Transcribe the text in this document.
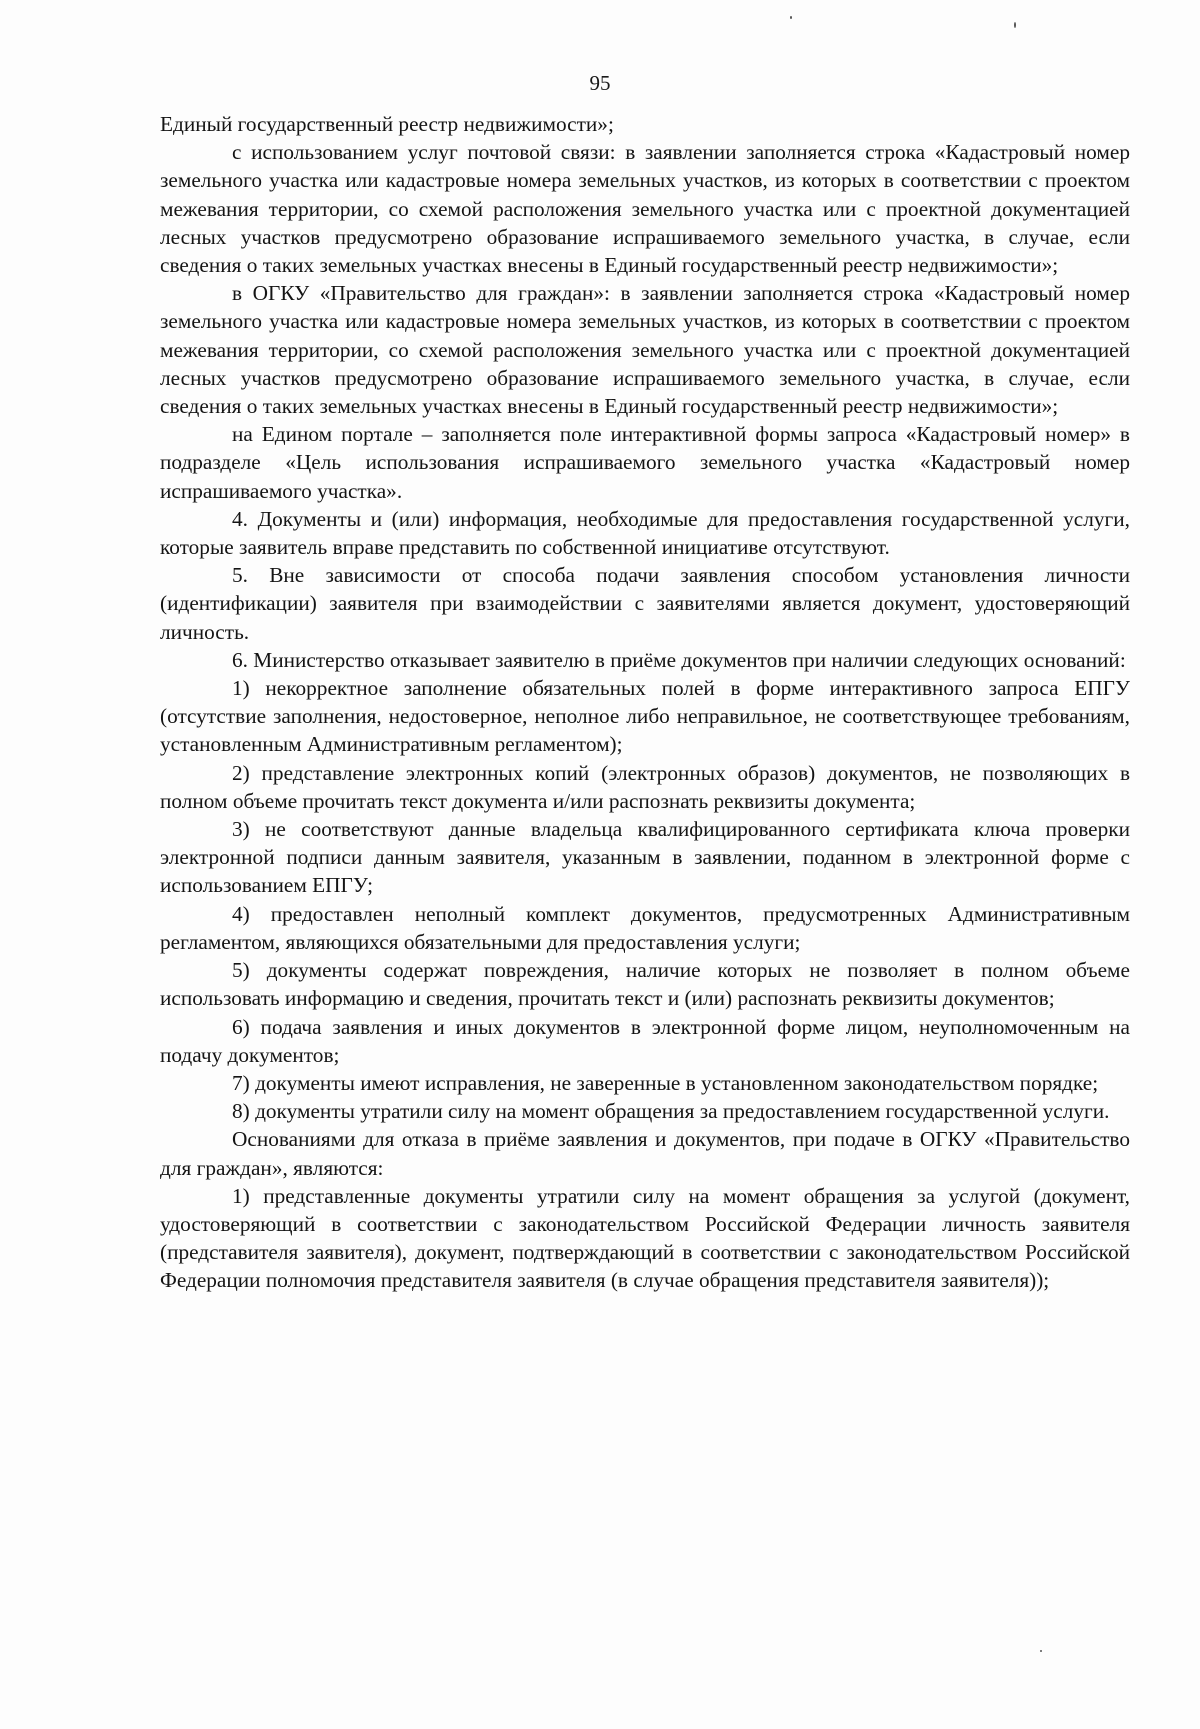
95

Единый государственный реестр недвижимости»;

с использованием услуг почтовой связи: в заявлении заполняется строка «Кадастровый номер земельного участка или кадастровые номера земельных участков, из которых в соответствии с проектом межевания территории, со схемой расположения земельного участка или с проектной документацией лесных участков предусмотрено образование испрашиваемого земельного участка, в случае, если сведения о таких земельных участках внесены в Единый государственный реестр недвижимости»;

в ОГКУ «Правительство для граждан»: в заявлении заполняется строка «Кадастровый номер земельного участка или кадастровые номера земельных участков, из которых в соответствии с проектом межевания территории, со схемой расположения земельного участка или с проектной документацией лесных участков предусмотрено образование испрашиваемого земельного участка, в случае, если сведения о таких земельных участках внесены в Единый государственный реестр недвижимости»;

на Едином портале – заполняется поле интерактивной формы запроса «Кадастровый номер» в подразделе «Цель использования испрашиваемого земельного участка «Кадастровый номер испрашиваемого участка».

4. Документы и (или) информация, необходимые для предоставления государственной услуги, которые заявитель вправе представить по собственной инициативе отсутствуют.

5. Вне зависимости от способа подачи заявления способом установления личности (идентификации) заявителя при взаимодействии с заявителями является документ, удостоверяющий личность.

6. Министерство отказывает заявителю в приёме документов при наличии следующих оснований:

1) некорректное заполнение обязательных полей в форме интерактивного запроса ЕПГУ (отсутствие заполнения, недостоверное, неполное либо неправильное, не соответствующее требованиям, установленным Административным регламентом);

2) представление электронных копий (электронных образов) документов, не позволяющих в полном объеме прочитать текст документа и/или распознать реквизиты документа;

3) не соответствуют данные владельца квалифицированного сертификата ключа проверки электронной подписи данным заявителя, указанным в заявлении, поданном в электронной форме с использованием ЕПГУ;

4) предоставлен неполный комплект документов, предусмотренных Административным регламентом, являющихся обязательными для предоставления услуги;

5) документы содержат повреждения, наличие которых не позволяет в полном объеме использовать информацию и сведения, прочитать текст и (или) распознать реквизиты документов;

6) подача заявления и иных документов в электронной форме лицом, неуполномоченным на подачу документов;

7) документы имеют исправления, не заверенные в установленном законодательством порядке;

8) документы утратили силу на момент обращения за предоставлением государственной услуги.

Основаниями для отказа в приёме заявления и документов, при подаче в ОГКУ «Правительство для граждан», являются:

1) представленные документы утратили силу на момент обращения за услугой (документ, удостоверяющий в соответствии с законодательством Российской Федерации личность заявителя (представителя заявителя), документ, подтверждающий в соответствии с законодательством Российской Федерации полномочия представителя заявителя (в случае обращения представителя заявителя));
